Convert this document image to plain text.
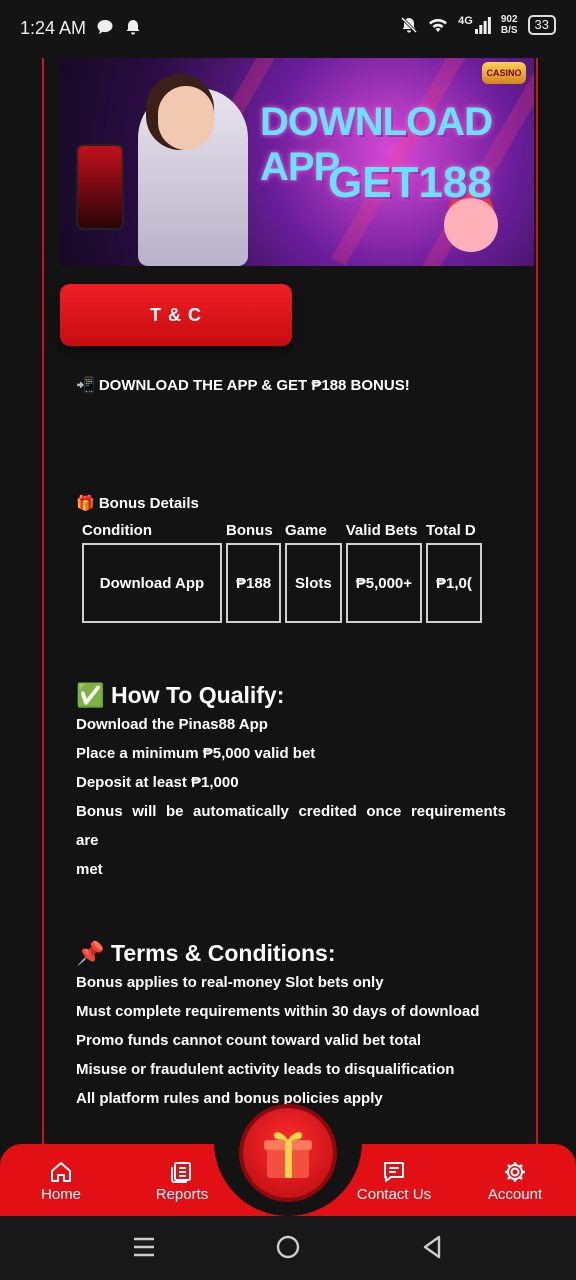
1:24 AM	4G	902
B/S	33
CASINO
DOWNLOAD APP
GET188
T & C
📲 DOWNLOAD THE APP & GET ₱188 BONUS!
🎁 Bonus Details
Condition	Bonus	Game	Valid Bets	Total D
Download App	₱188	Slots	₱5,000+	₱1,0(
✅ How To Qualify:
Download the Pinas88 App
Place a minimum ₱5,000 valid bet
Deposit at least ₱1,000
Bonus will be automatically credited once requirements
are
met
📌 Terms & Conditions:
Bonus applies to real-money Slot bets only
Must complete requirements within 30 days of download
Promo funds cannot count toward valid bet total
Misuse or fraudulent activity leads to disqualification
All platform rules and bonus policies apply
Home	Reports	Contact Us	Account
